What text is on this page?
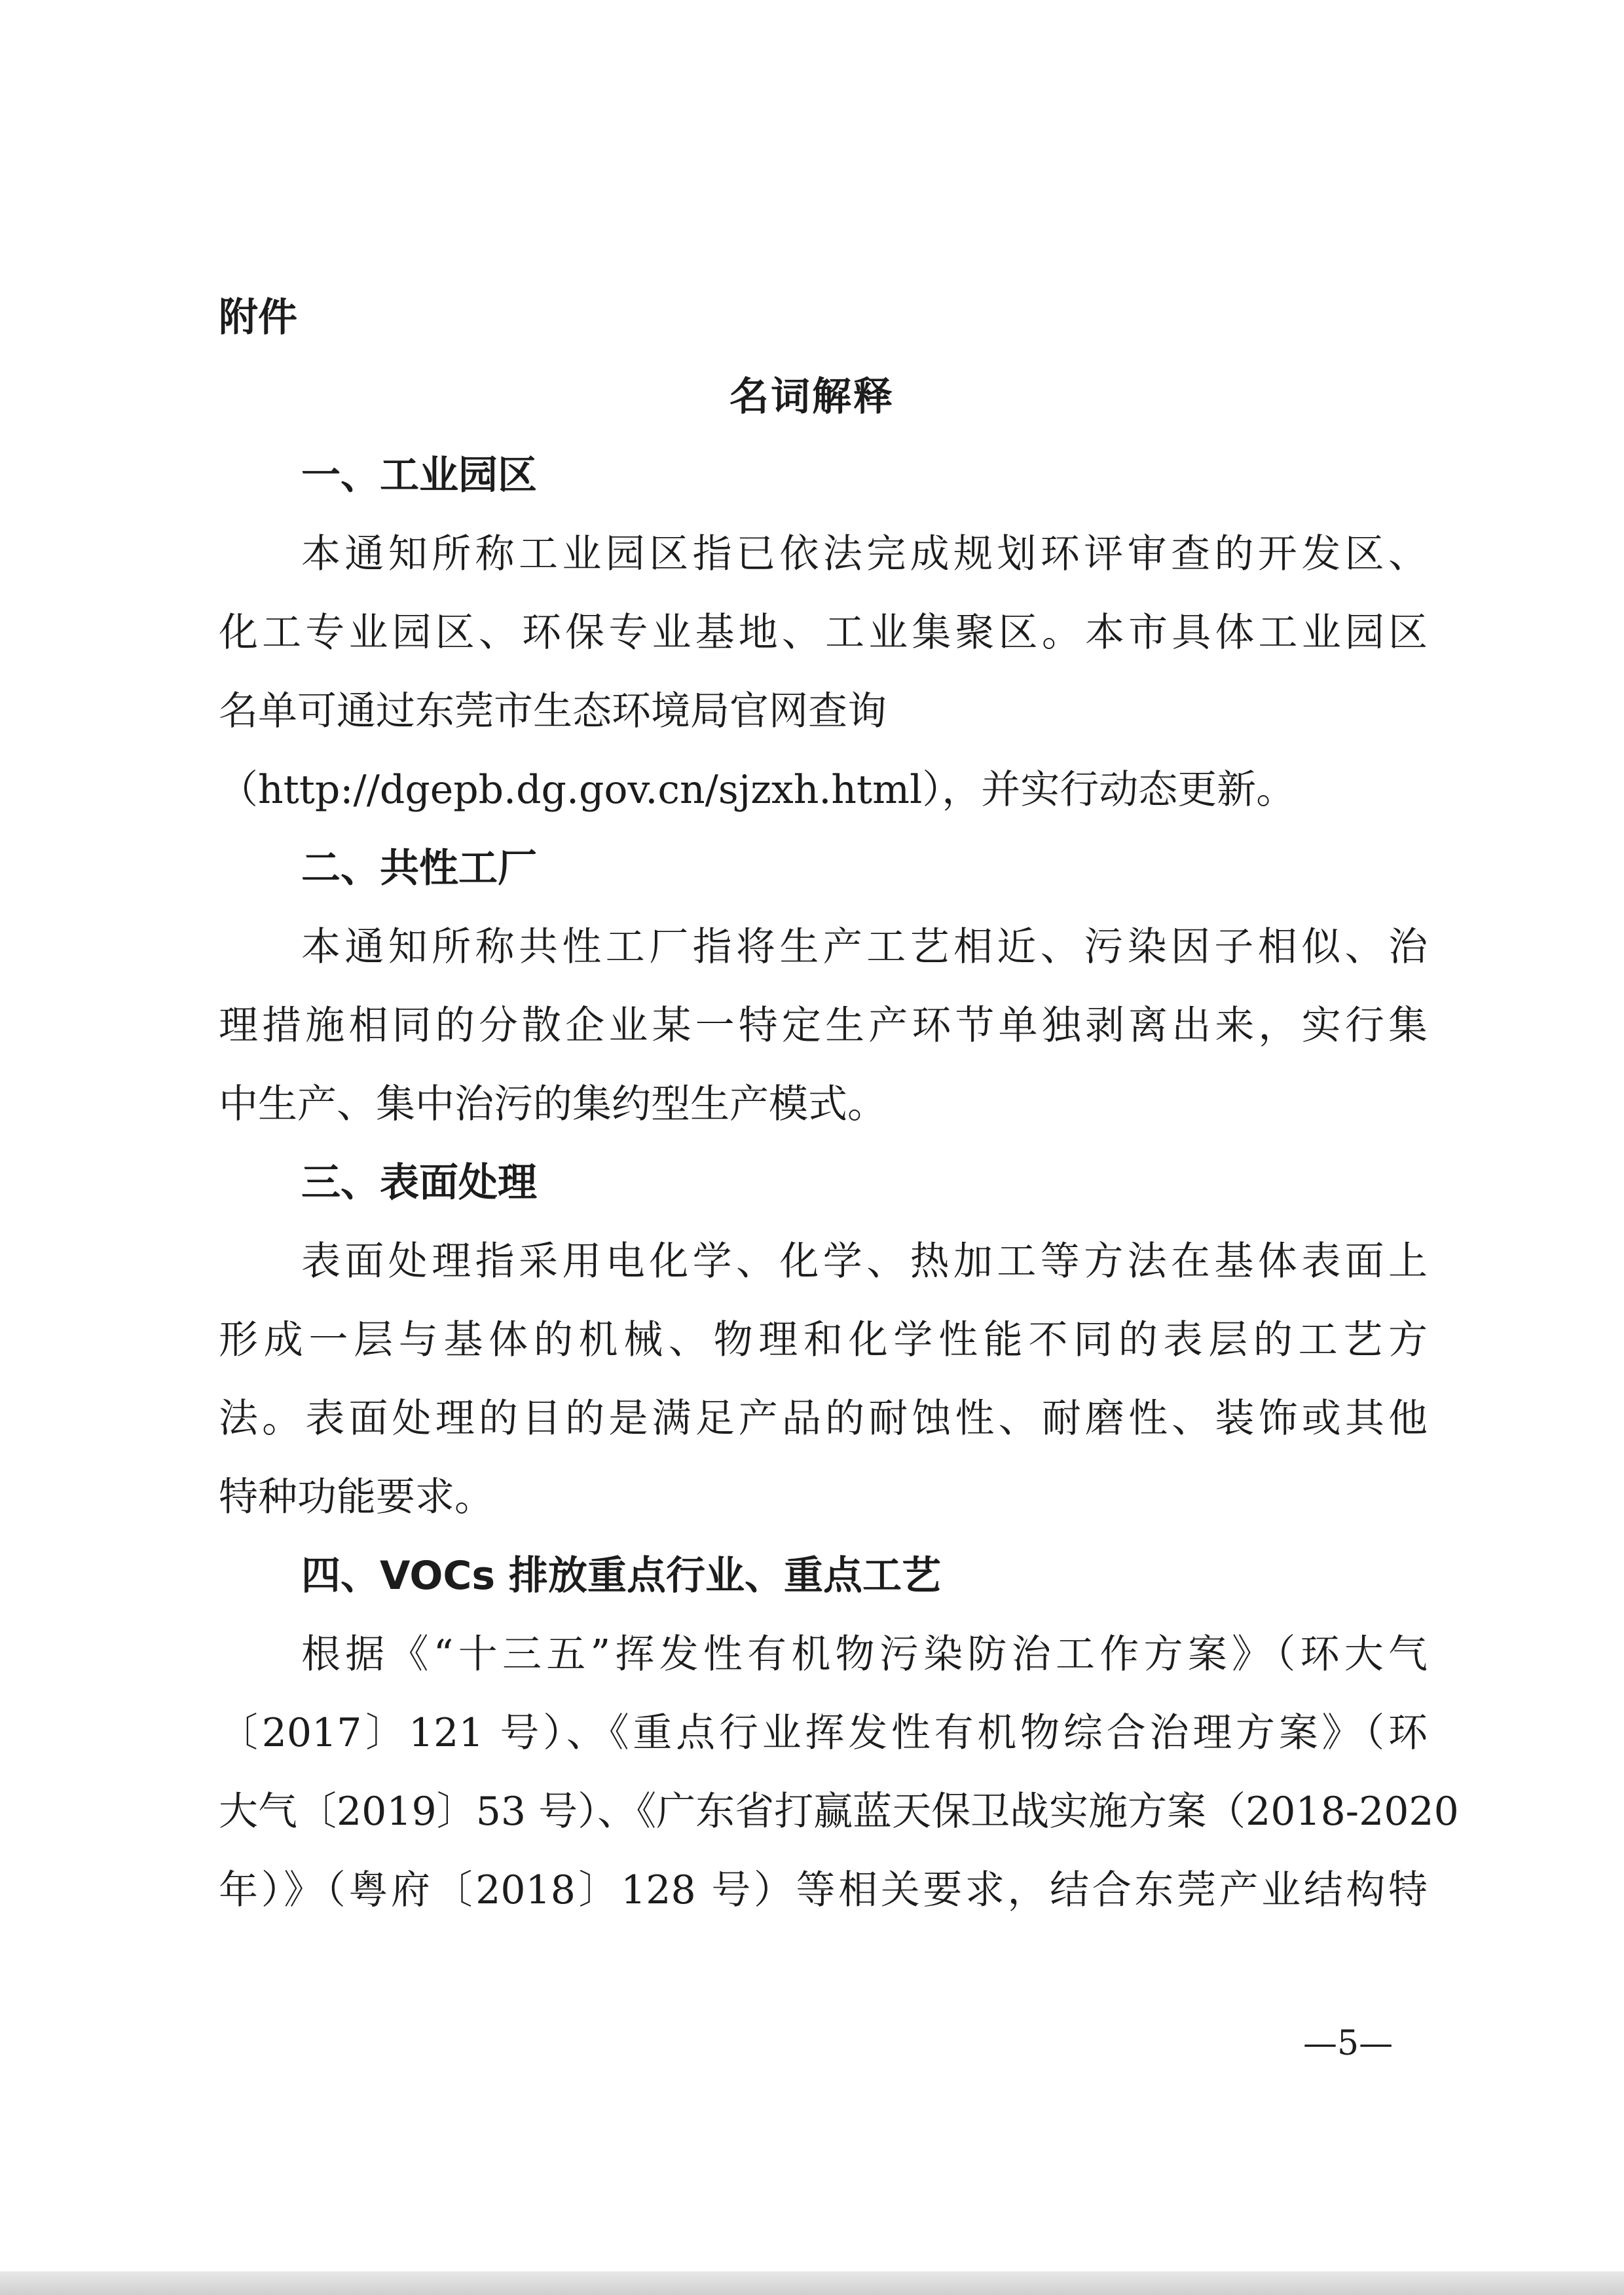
附件
名词解释
一、工业园区
本通知所称工业园区指已依法完成规划环评审查的开发区、
化工专业园区、环保专业基地、工业集聚区。本市具体工业园区
名单可通过东莞市生态环境局官网查询
（http://dgepb.dg.gov.cn/sjzxh.html），并实行动态更新。
二、共性工厂
本通知所称共性工厂指将生产工艺相近、污染因子相似、治
理措施相同的分散企业某一特定生产环节单独剥离出来，实行集
中生产、集中治污的集约型生产模式。
三、表面处理
表面处理指采用电化学、化学、热加工等方法在基体表面上
形成一层与基体的机械、物理和化学性能不同的表层的工艺方
法。表面处理的目的是满足产品的耐蚀性、耐磨性、装饰或其他
特种功能要求。
四、VOCs 排放重点行业、重点工艺
根据《“十三五”挥发性有机物污染防治工作方案》（环大气
〔2017〕121 号）、《重点行业挥发性有机物综合治理方案》（环
大气〔2019〕53 号）、《广东省打赢蓝天保卫战实施方案（2018-2020
年）》（粤府〔2018〕128 号）等相关要求，结合东莞产业结构特
—5—
